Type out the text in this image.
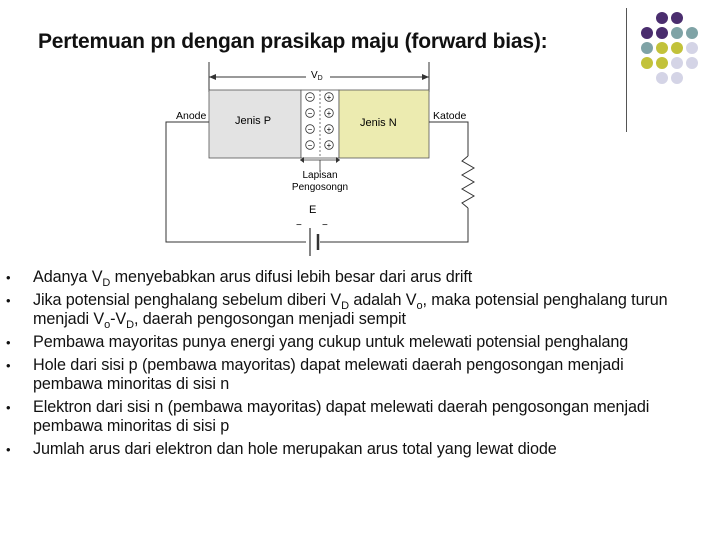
Pertemuan pn dengan prasikap maju (forward bias):
$V_D$
Jenis P	Jenis N
− +
− +
− +
− +
Anode	Katode
E
− −
Lapisan
Pengosongn
• Adanya $V_D$ menyebabkan arus difusi lebih besar dari arus drift
• Jika potensial penghalang sebelum diberi $V_D$ adalah $V_o$, maka potensial penghalang turun menjadi $V_o-V_D$, daerah pengosongan menjadi sempit
• Pembawa mayoritas punya energi yang cukup untuk melewati potensial penghalang
• Hole dari sisi p (pembawa mayoritas) dapat melewati daerah pengosongan menjadi pembawa minoritas di sisi n
• Elektron dari sisi n (pembawa mayoritas) dapat melewati daerah pengosongan menjadi pembawa minoritas di sisi p
• Jumlah arus dari elektron dan hole merupakan arus total yang lewat diode
